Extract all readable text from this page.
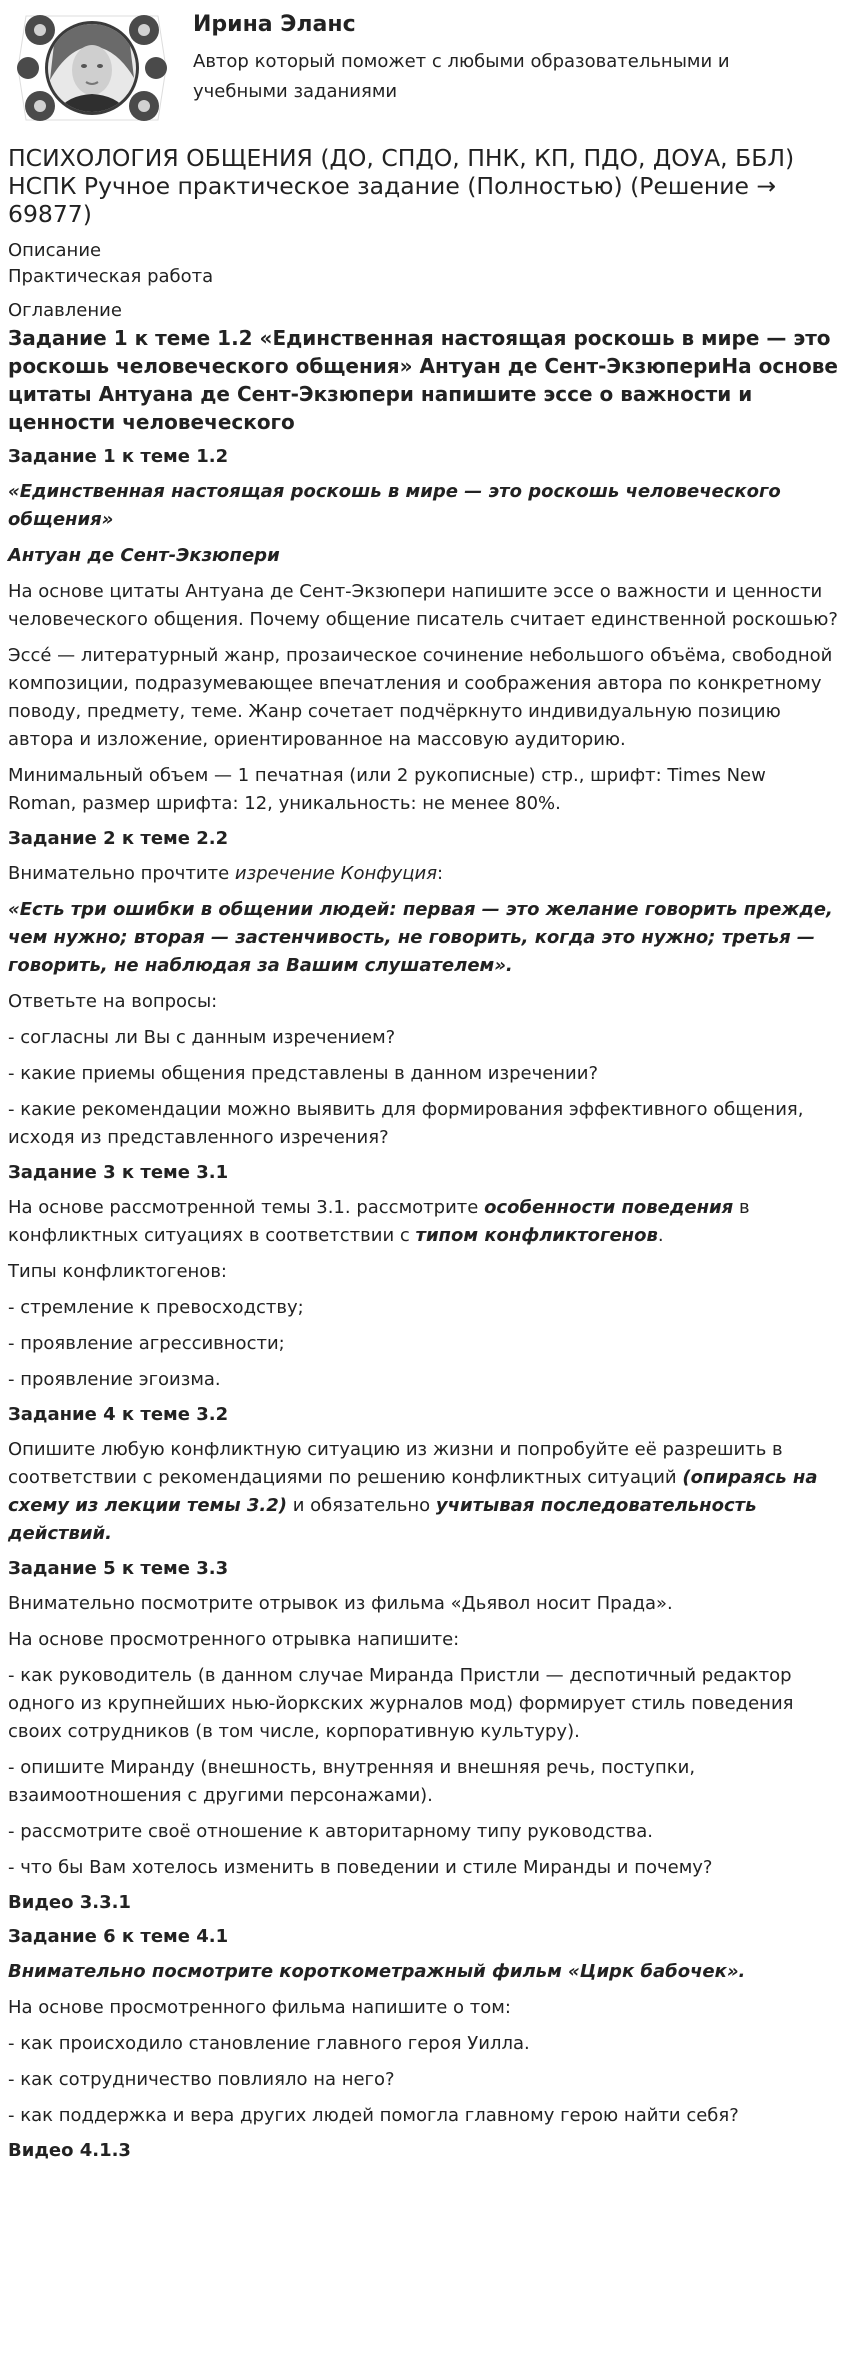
Ирина Эланс
Автор который поможет с любыми образовательными и учебными заданиями
ПСИХОЛОГИЯ ОБЩЕНИЯ (ДО, СПДО, ПНК, КП, ПДО, ДОУА, ББЛ) НСПК Ручное практическое задание (Полностью) (Решение → 69877)
Описание
Практическая работа
Оглавление
Задание 1 к теме 1.2 «Единственная настоящая роскошь в мире — это роскошь человеческого общения» Антуан де Сент-ЭкзюпериНа основе цитаты Антуана де Сент-Экзюпери напишите эссе о важности и ценности человеческого
Задание 1 к теме 1.2

«Единственная настоящая роскошь в мире — это роскошь человеческого общения»

Антуан де Сент-Экзюпери

На основе цитаты Антуана де Сент-Экзюпери напишите эссе о важности и ценности человеческого общения. Почему общение писатель считает единственной роскошью?

Эссе́ — литературный жанр, прозаическое сочинение небольшого объёма, свободной композиции, подразумевающее впечатления и соображения автора по конкретному поводу, предмету, теме. Жанр сочетает подчёркнуто индивидуальную позицию автора и изложение, ориентированное на массовую аудиторию.

Минимальный объем — 1 печатная (или 2 рукописные) стр., шрифт: Times New Roman, размер шрифта: 12, уникальность: не менее 80%.

Задание 2 к теме 2.2

Внимательно прочтите изречение Конфуция:

«Есть три ошибки в общении людей: первая — это желание говорить прежде, чем нужно; вторая — застенчивость, не говорить, когда это нужно; третья — говорить, не наблюдая за Вашим слушателем».

Ответьте на вопросы:

- согласны ли Вы с данным изречением?

- какие приемы общения представлены в данном изречении?

- какие рекомендации можно выявить для формирования эффективного общения, исходя из представленного изречения?

Задание 3 к теме 3.1

На основе рассмотренной темы 3.1. рассмотрите особенности поведения в конфликтных ситуациях в соответствии с типом конфликтогенов.

Типы конфликтогенов:

- стремление к превосходству;

- проявление агрессивности;

- проявление эгоизма.

Задание 4 к теме 3.2

Опишите любую конфликтную ситуацию из жизни и попробуйте её разрешить в соответствии с рекомендациями по решению конфликтных ситуаций (опираясь на схему из лекции темы 3.2) и обязательно учитывая последовательность действий.

Задание 5 к теме 3.3

Внимательно посмотрите отрывок из фильма «Дьявол носит Прада».

На основе просмотренного отрывка напишите:

- как руководитель (в данном случае Миранда Пристли — деспотичный редактор одного из крупнейших нью-йоркских журналов мод) формирует стиль поведения своих сотрудников (в том числе, корпоративную культуру).

- опишите Миранду (внешность, внутренняя и внешняя речь, поступки, взаимоотношения с другими персонажами).

- рассмотрите своё отношение к авторитарному типу руководства.

- что бы Вам хотелось изменить в поведении и стиле Миранды и почему?

Видео 3.3.1
Задание 6 к теме 4.1

Внимательно посмотрите короткометражный фильм «Цирк бабочек».

На основе просмотренного фильма напишите о том:

- как происходило становление главного героя Уилла.

- как сотрудничество повлияло на него?

- как поддержка и вера других людей помогла главному герою найти себя?

Видео 4.1.3
